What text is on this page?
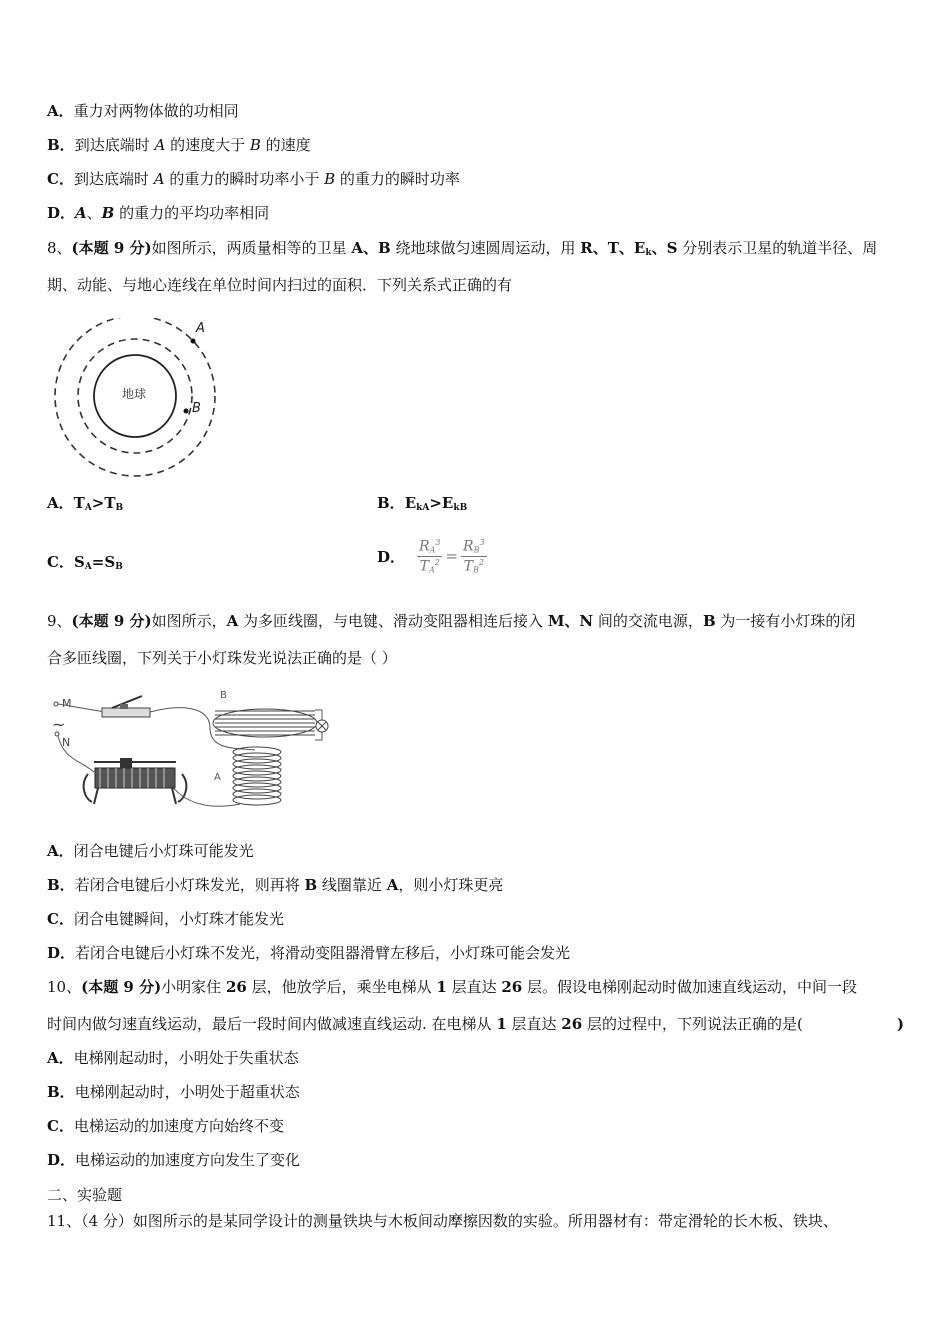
A．重力对两物体做的功相同
B．到达底端时 A 的速度大于 B 的速度
C．到达底端时 A 的重力的瞬时功率小于 B 的重力的瞬时功率
D．A、B 的重力的平均功率相同
8、(本题 9 分)如图所示，两质量相等的卫星 A、B 绕地球做匀速圆周运动，用 R、T、$E_k$、S 分别表示卫星的轨道半径、周
期、动能、与地心连线在单位时间内扫过的面积．下列关系式正确的有
地球
A
B
A．$T_A>T_B$	B．$E_{kA}>E_{kB}$
C．$S_A=S_B$
D． $\frac{R_A^3}{T_A^2} = \frac{R_B^3}{T_B^2}$
9、(本题 9 分)如图所示，A 为多匝线圈，与电键、滑动变阻器相连后接入 M、N 间的交流电源，B 为一接有小灯珠的闭
合多匝线圈，下列关于小灯珠发光说法正确的是（ ）
M
~
N
B
A
A．闭合电键后小灯珠可能发光
B．若闭合电键后小灯珠发光，则再将 B 线圈靠近 A，则小灯珠更亮
C．闭合电键瞬间，小灯珠才能发光
D．若闭合电键后小灯珠不发光，将滑动变阻器滑臂左移后，小灯珠可能会发光
10、(本题 9 分)小明家住 26 层，他放学后，乘坐电梯从 1 层直达 26 层。假设电梯刚起动时做加速直线运动，中间一段
时间内做匀速直线运动，最后一段时间内做减速直线运动. 在电梯从 1 层直达 26 层的过程中，下列说法正确的是(	)
A．电梯刚起动时，小明处于失重状态
B．电梯刚起动时，小明处于超重状态
C．电梯运动的加速度方向始终不变
D．电梯运动的加速度方向发生了变化
二、实验题
11、（4 分）如图所示的是某同学设计的测量铁块与木板间动摩擦因数的实验。所用器材有：带定滑轮的长木板、铁块、
